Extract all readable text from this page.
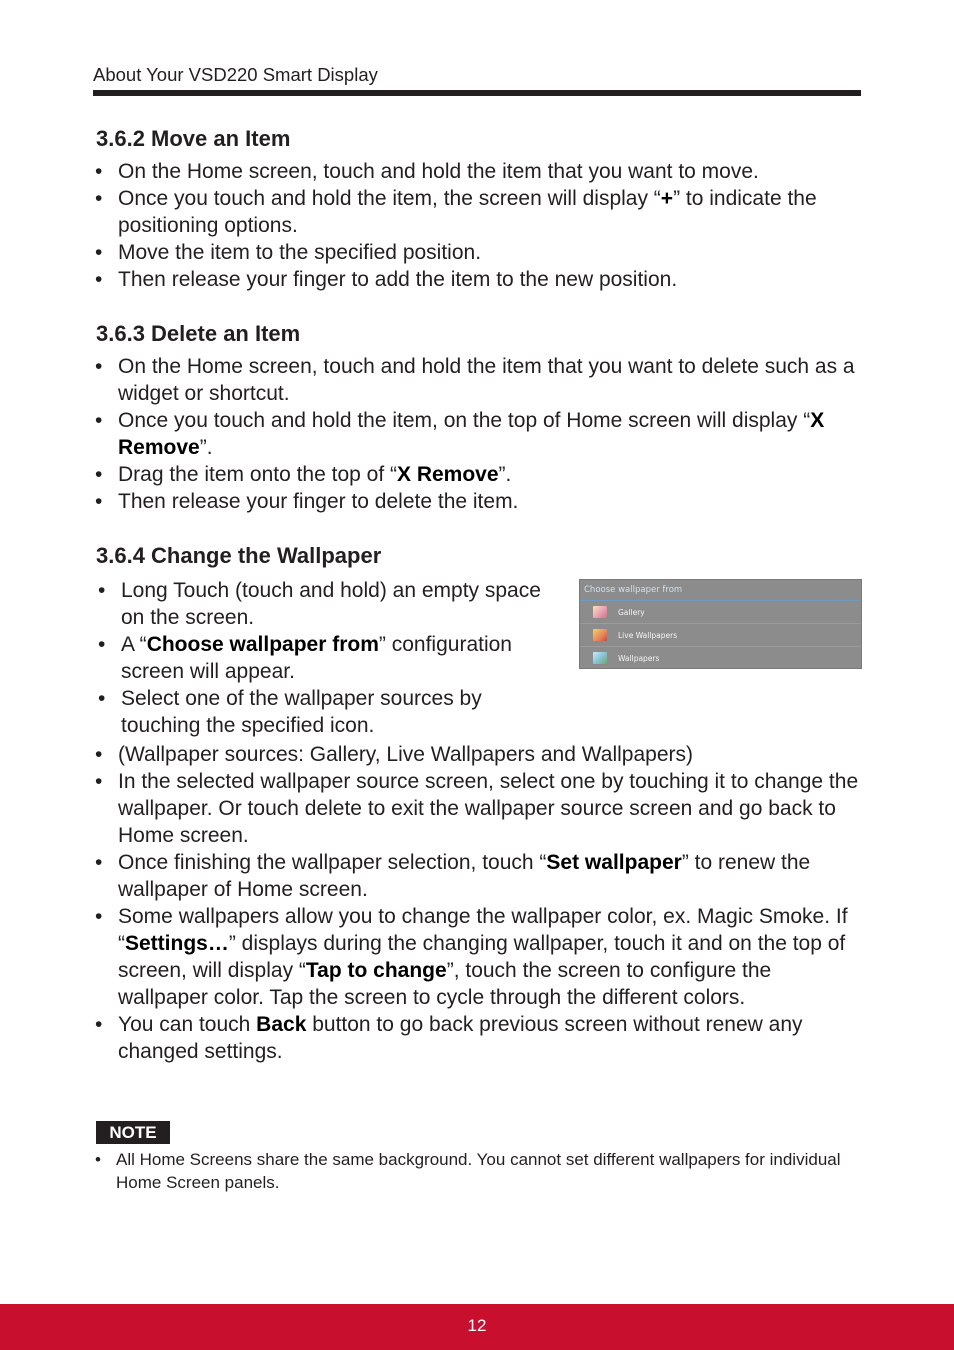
About Your VSD220 Smart Display
3.6.2 Move an Item
• On the Home screen, touch and hold the item that you want to move.
• Once you touch and hold the item, the screen will display “+” to indicate the positioning options.
• Move the item to the specified position.
• Then release your finger to add the item to the new position.
3.6.3 Delete an Item
• On the Home screen, touch and hold the item that you want to delete such as a widget or shortcut.
• Once you touch and hold the item, on the top of Home screen will display “X Remove”.
• Drag the item onto the top of “X Remove”.
• Then release your finger to delete the item.
3.6.4 Change the Wallpaper
• Long Touch (touch and hold) an empty space on the screen.
• A “Choose wallpaper from” configuration screen will appear.
• Select one of the wallpaper sources by touching the specified icon.
Choose wallpaper from
Gallery
Live Wallpapers
Wallpapers
• (Wallpaper sources: Gallery, Live Wallpapers and Wallpapers)
• In the selected wallpaper source screen, select one by touching it to change the wallpaper. Or touch delete to exit the wallpaper source screen and go back to Home screen.
• Once finishing the wallpaper selection, touch “Set wallpaper” to renew the wallpaper of Home screen.
• Some wallpapers allow you to change the wallpaper color, ex. Magic Smoke. If “Settings…” displays during the changing wallpaper, touch it and on the top of screen, will display “Tap to change”, touch the screen to configure the wallpaper color. Tap the screen to cycle through the different colors.
• You can touch Back button to go back previous screen without renew any changed settings.
NOTE
• All Home Screens share the same background. You cannot set different wallpapers for individual Home Screen panels.
12
